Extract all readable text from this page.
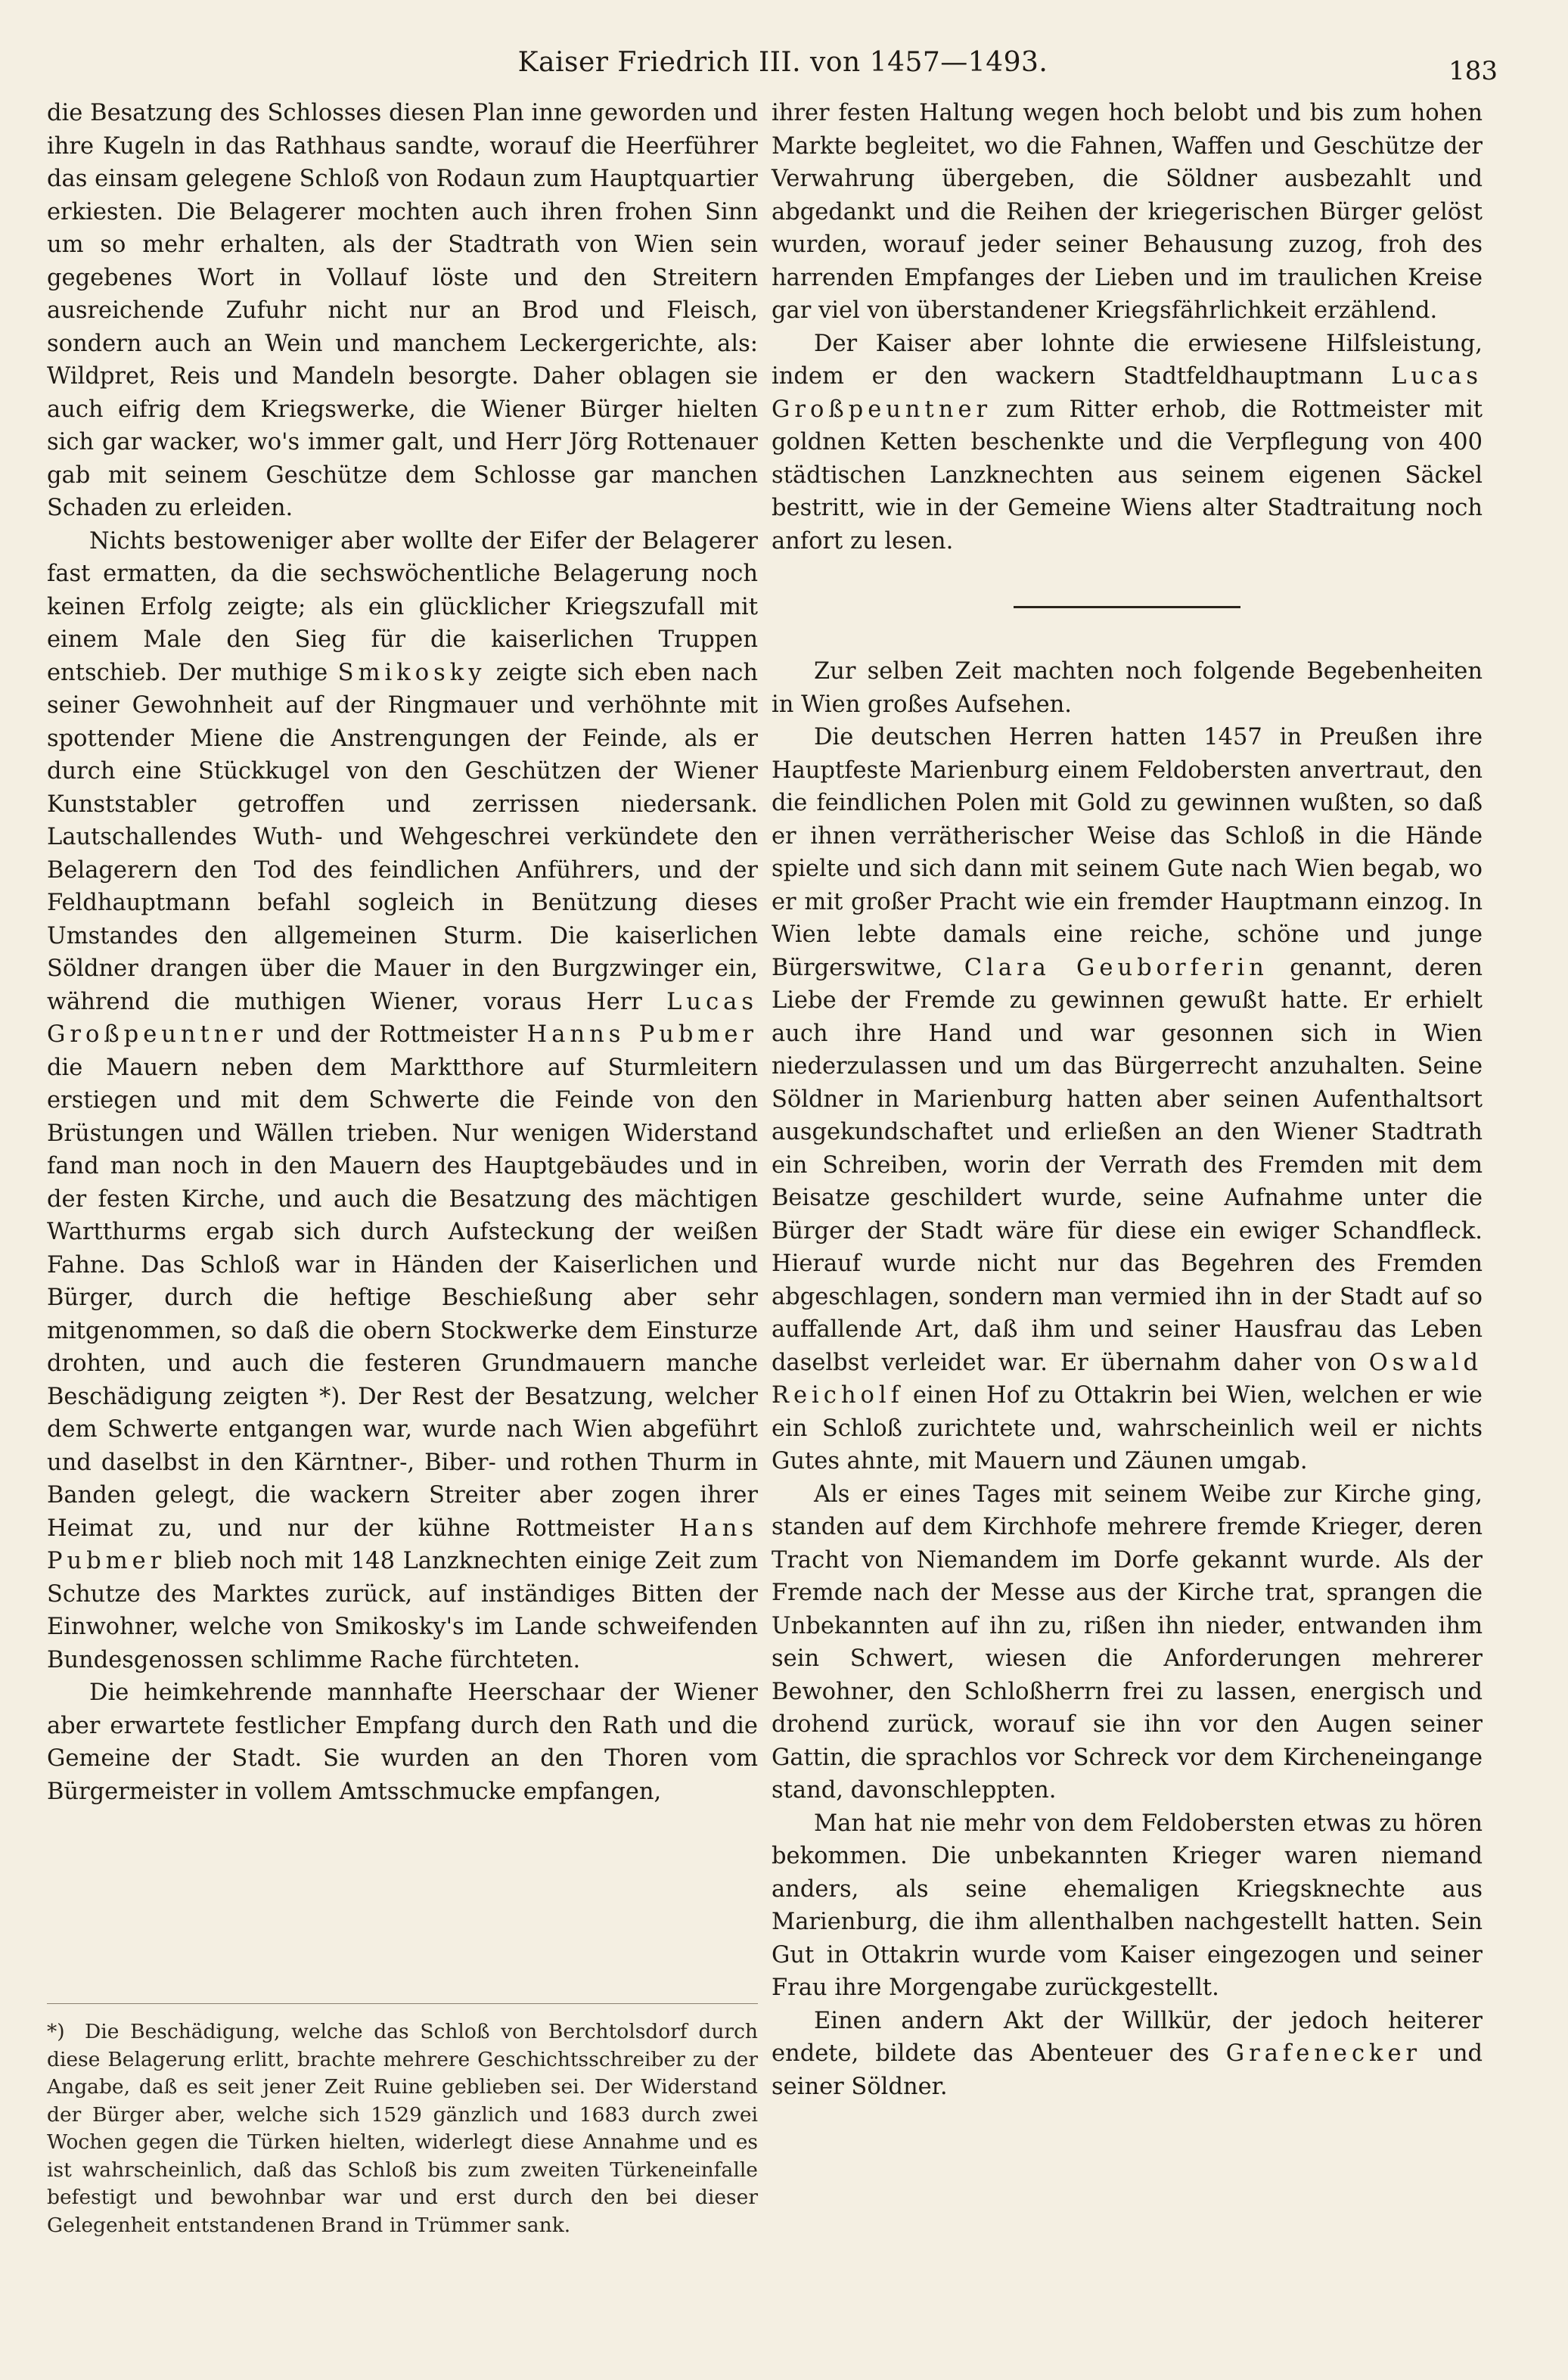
Kaiser Friedrich III. von 1457—1493.	183

die Besatzung des Schlosses diesen Plan inne geworden und ihre Kugeln in das Rathhaus sandte, worauf die Heerführer das einsam gelegene Schloß von Rodaun zum Hauptquartier erkiesten. Die Belagerer mochten auch ihren frohen Sinn um so mehr erhalten, als der Stadtrath von Wien sein gegebenes Wort in Vollauf löste und den Streitern ausreichende Zufuhr nicht nur an Brod und Fleisch, sondern auch an Wein und manchem Leckergerichte, als: Wildpret, Reis und Mandeln besorgte. Daher oblagen sie auch eifrig dem Kriegswerke, die Wiener Bürger hielten sich gar wacker, wo's immer galt, und Herr Jörg Rottenauer gab mit seinem Geschütze dem Schlosse gar manchen Schaden zu erleiden.

Nichts bestoweniger aber wollte der Eifer der Belagerer fast ermatten, da die sechswöchentliche Belagerung noch keinen Erfolg zeigte; als ein glücklicher Kriegszufall mit einem Male den Sieg für die kaiserlichen Truppen entschieb. Der muthige Smikosky zeigte sich eben nach seiner Gewohnheit auf der Ringmauer und verhöhnte mit spottender Miene die Anstrengungen der Feinde, als er durch eine Stückkugel von den Geschützen der Wiener Kunststabler getroffen und zerrissen niedersank. Lautschallendes Wuth- und Wehgeschrei verkündete den Belagerern den Tod des feindlichen Anführers, und der Feldhauptmann befahl sogleich in Benützung dieses Umstandes den allgemeinen Sturm. Die kaiserlichen Söldner drangen über die Mauer in den Burgzwinger ein, während die muthigen Wiener, voraus Herr Lucas Großpeuntner und der Rottmeister Hanns Pubmer die Mauern neben dem Marktthore auf Sturmleitern erstiegen und mit dem Schwerte die Feinde von den Brüstungen und Wällen trieben. Nur wenigen Widerstand fand man noch in den Mauern des Hauptgebäudes und in der festen Kirche, und auch die Besatzung des mächtigen Wartthurms ergab sich durch Aufsteckung der weißen Fahne. Das Schloß war in Händen der Kaiserlichen und Bürger, durch die heftige Beschießung aber sehr mitgenommen, so daß die obern Stockwerke dem Einsturze drohten, und auch die festeren Grundmauern manche Beschädigung zeigten *). Der Rest der Besatzung, welcher dem Schwerte entgangen war, wurde nach Wien abgeführt und daselbst in den Kärntner-, Biber- und rothen Thurm in Banden gelegt, die wackern Streiter aber zogen ihrer Heimat zu, und nur der kühne Rottmeister Hans Pubmer blieb noch mit 148 Lanzknechten einige Zeit zum Schutze des Marktes zurück, auf inständiges Bitten der Einwohner, welche von Smikosky's im Lande schweifenden Bundesgenossen schlimme Rache fürchteten.

Die heimkehrende mannhafte Heerschaar der Wiener aber erwartete festlicher Empfang durch den Rath und die Gemeine der Stadt. Sie wurden an den Thoren vom Bürgermeister in vollem Amtsschmucke empfangen,

*) Die Beschädigung, welche das Schloß von Berchtolsdorf durch diese Belagerung erlitt, brachte mehrere Geschichtsschreiber zu der Angabe, daß es seit jener Zeit Ruine geblieben sei. Der Widerstand der Bürger aber, welche sich 1529 gänzlich und 1683 durch zwei Wochen gegen die Türken hielten, widerlegt diese Annahme und es ist wahrscheinlich, daß das Schloß bis zum zweiten Türkeneinfalle befestigt und bewohnbar war und erst durch den bei dieser Gelegenheit entstandenen Brand in Trümmer sank.

ihrer festen Haltung wegen hoch belobt und bis zum hohen Markte begleitet, wo die Fahnen, Waffen und Geschütze der Verwahrung übergeben, die Söldner ausbezahlt und abgedankt und die Reihen der kriegerischen Bürger gelöst wurden, worauf jeder seiner Behausung zuzog, froh des harrenden Empfanges der Lieben und im traulichen Kreise gar viel von überstandener Kriegsfährlichkeit erzählend.

Der Kaiser aber lohnte die erwiesene Hilfsleistung, indem er den wackern Stadtfeldhauptmann Lucas Großpeuntner zum Ritter erhob, die Rottmeister mit goldnen Ketten beschenkte und die Verpflegung von 400 städtischen Lanzknechten aus seinem eigenen Säckel bestritt, wie in der Gemeine Wiens alter Stadtraitung noch anfort zu lesen.

Zur selben Zeit machten noch folgende Begebenheiten in Wien großes Aufsehen.

Die deutschen Herren hatten 1457 in Preußen ihre Hauptfeste Marienburg einem Feldobersten anvertraut, den die feindlichen Polen mit Gold zu gewinnen wußten, so daß er ihnen verrätherischer Weise das Schloß in die Hände spielte und sich dann mit seinem Gute nach Wien begab, wo er mit großer Pracht wie ein fremder Hauptmann einzog. In Wien lebte damals eine reiche, schöne und junge Bürgerswitwe, Clara Geuborferin genannt, deren Liebe der Fremde zu gewinnen gewußt hatte. Er erhielt auch ihre Hand und war gesonnen sich in Wien niederzulassen und um das Bürgerrecht anzuhalten. Seine Söldner in Marienburg hatten aber seinen Aufenthaltsort ausgekundschaftet und erließen an den Wiener Stadtrath ein Schreiben, worin der Verrath des Fremden mit dem Beisatze geschildert wurde, seine Aufnahme unter die Bürger der Stadt wäre für diese ein ewiger Schandfleck. Hierauf wurde nicht nur das Begehren des Fremden abgeschlagen, sondern man vermied ihn in der Stadt auf so auffallende Art, daß ihm und seiner Hausfrau das Leben daselbst verleidet war. Er übernahm daher von Oswald Reicholf einen Hof zu Ottakrin bei Wien, welchen er wie ein Schloß zurichtete und, wahrscheinlich weil er nichts Gutes ahnte, mit Mauern und Zäunen umgab.

Als er eines Tages mit seinem Weibe zur Kirche ging, standen auf dem Kirchhofe mehrere fremde Krieger, deren Tracht von Niemandem im Dorfe gekannt wurde. Als der Fremde nach der Messe aus der Kirche trat, sprangen die Unbekannten auf ihn zu, rißen ihn nieder, entwanden ihm sein Schwert, wiesen die Anforderungen mehrerer Bewohner, den Schloßherrn frei zu lassen, energisch und drohend zurück, worauf sie ihn vor den Augen seiner Gattin, die sprachlos vor Schreck vor dem Kircheneingange stand, davonschleppten.

Man hat nie mehr von dem Feldobersten etwas zu hören bekommen. Die unbekannten Krieger waren niemand anders, als seine ehemaligen Kriegsknechte aus Marienburg, die ihm allenthalben nachgestellt hatten. Sein Gut in Ottakrin wurde vom Kaiser eingezogen und seiner Frau ihre Morgengabe zurückgestellt.

Einen andern Akt der Willkür, der jedoch heiterer endete, bildete das Abenteuer des Grafenecker und seiner Söldner.
